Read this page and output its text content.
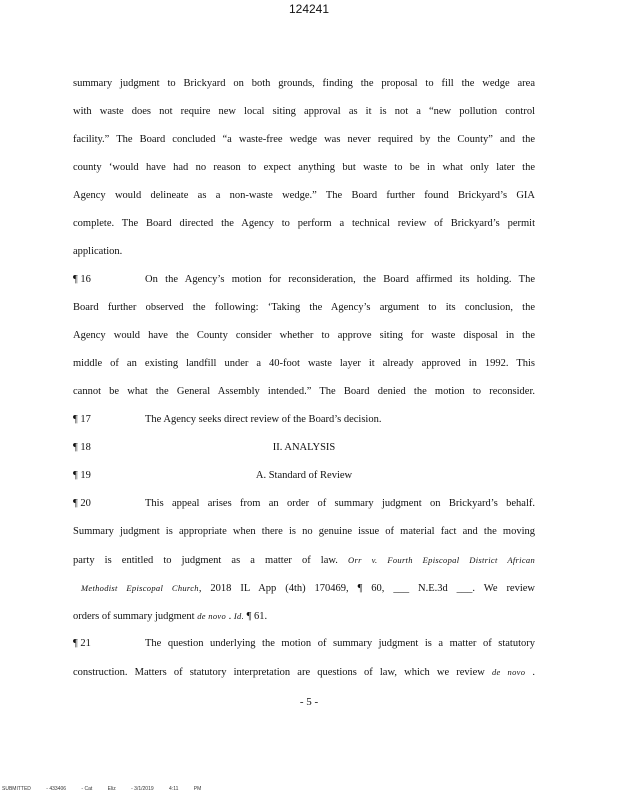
124241
summary judgment to Brickyard on both grounds, finding the proposal to fill the wedge area
with waste does not require new local siting approval as it is not a “new pollution control
facility.” The Board concluded “a waste-free wedge was never required by the County” and the
county ‘would have had no reason to expect anything but waste to be in what only later the
Agency would delineate as a non-waste wedge.” The Board further found Brickyard’s GIA
complete. The Board directed the Agency to perform a technical review of Brickyard’s permit
application.
¶ 16	On the Agency’s motion for reconsideration, the Board affirmed its holding. The
Board further observed the following: ‘Taking the Agency’s argument to its conclusion, the
Agency would have the County consider whether to approve siting for waste disposal in the
middle of an existing landfill under a 40-foot waste layer it already approved in 1992. This
cannot be what the General Assembly intended.” The Board denied the motion to reconsider.
¶ 17	The Agency seeks direct review of the Board’s decision.
II. ANALYSIS
¶ 18
A. Standard of Review
¶ 19
¶ 20	This appeal arises from an order of summary judgment on Brickyard’s behalf.
Summary judgment is appropriate when there is no genuine issue of material fact and the moving
party is entitled to judgment as a matter of law. Orr v. Fourth Episcopal District African
Methodist Episcopal Church, 2018 IL App (4th) 170469, ¶ 60, ___ N.E.3d ___. We review
orders of summary judgment de novo . Id. ¶ 61.
¶ 21	The question underlying the motion of summary judgment is a matter of statutory
construction. Matters of statutory interpretation are questions of law, which we review de novo .
- 5 -
SUBMITTED	- 433406	- Cat	Eliz	- 3/1/2019	4:11	PM
